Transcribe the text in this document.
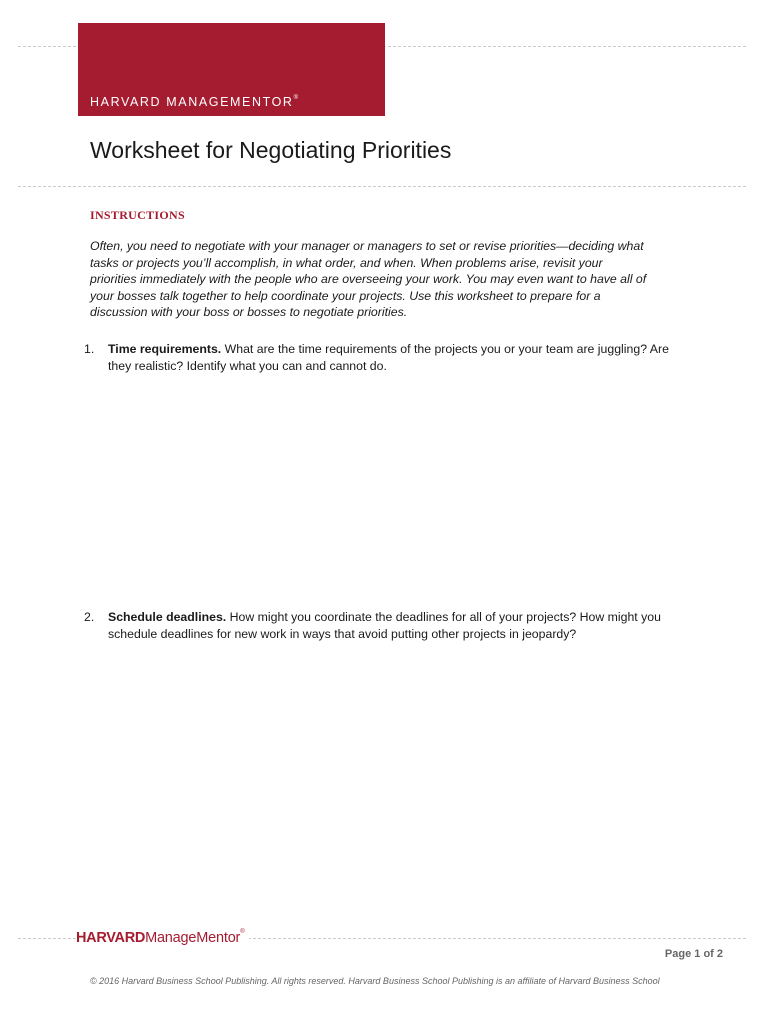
HARVARD MANAGEMENTOR®
Worksheet for Negotiating Priorities
INSTRUCTIONS

Often, you need to negotiate with your manager or managers to set or revise priorities—deciding what tasks or projects you’ll accomplish, in what order, and when. When problems arise, revisit your priorities immediately with the people who are overseeing your work. You may even want to have all of your bosses talk together to help coordinate your projects. Use this worksheet to prepare for a discussion with your boss or bosses to negotiate priorities.

1. Time requirements. What are the time requirements of the projects you or your team are juggling? Are they realistic? Identify what you can and cannot do.
2. Schedule deadlines. How might you coordinate the deadlines for all of your projects? How might you schedule deadlines for new work in ways that avoid putting other projects in jeopardy?
HARVARDManageMentor®
Page 1 of 2
© 2016 Harvard Business School Publishing. All rights reserved. Harvard Business School Publishing is an affiliate of Harvard Business School
